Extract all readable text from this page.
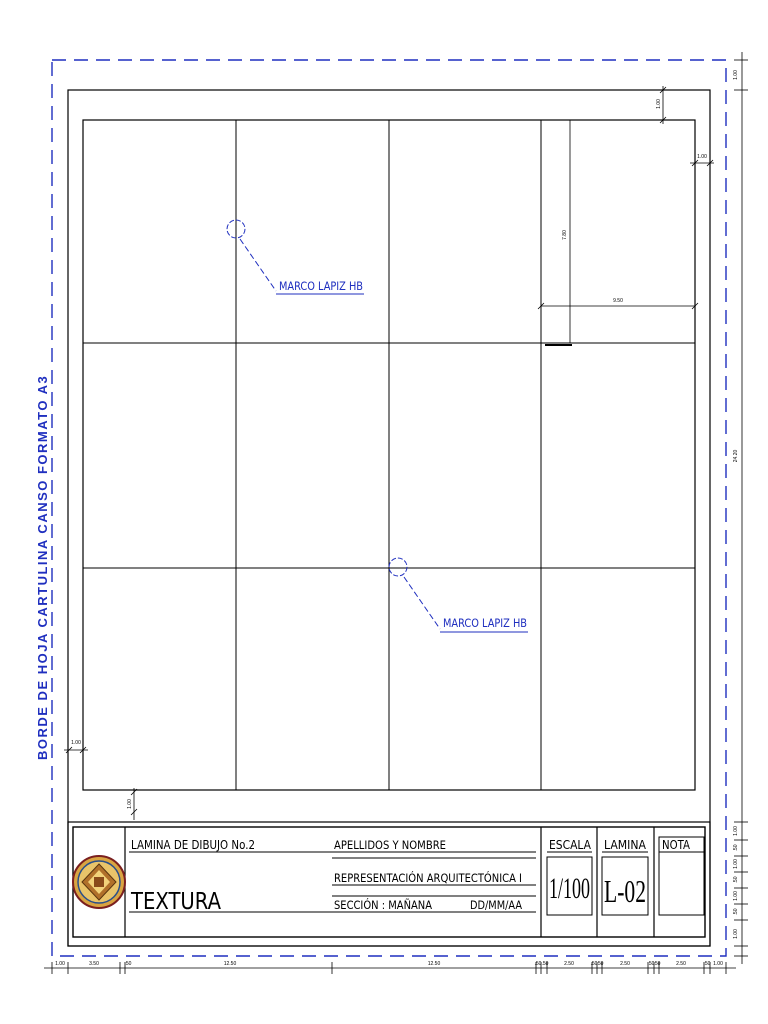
BORDE DE HOJA CARTULINA CANSO FORMATO A3
7.80
9.50
1.00
1.00
1.00
1.00
MARCO LAPIZ HB
MARCO LAPIZ HB
LAMINA DE DIBUJO No.2
TEXTURA
APELLIDOS Y NOMBRE
REPRESENTACIÓN ARQUITECTÓNICA I
SECCIÓN : MAÑANA DD/MM/AA
ESCALA
1/100
LAMINA
L-02
NOTA
1.00
24.20
1.00
.50
1.00
.50
1.00
.50
1.00
1.00	3.50	.50	12.50	12.50	.50 .50	2.50	.50 .50	2.50	.50 .50	2.50	.50 1.00
